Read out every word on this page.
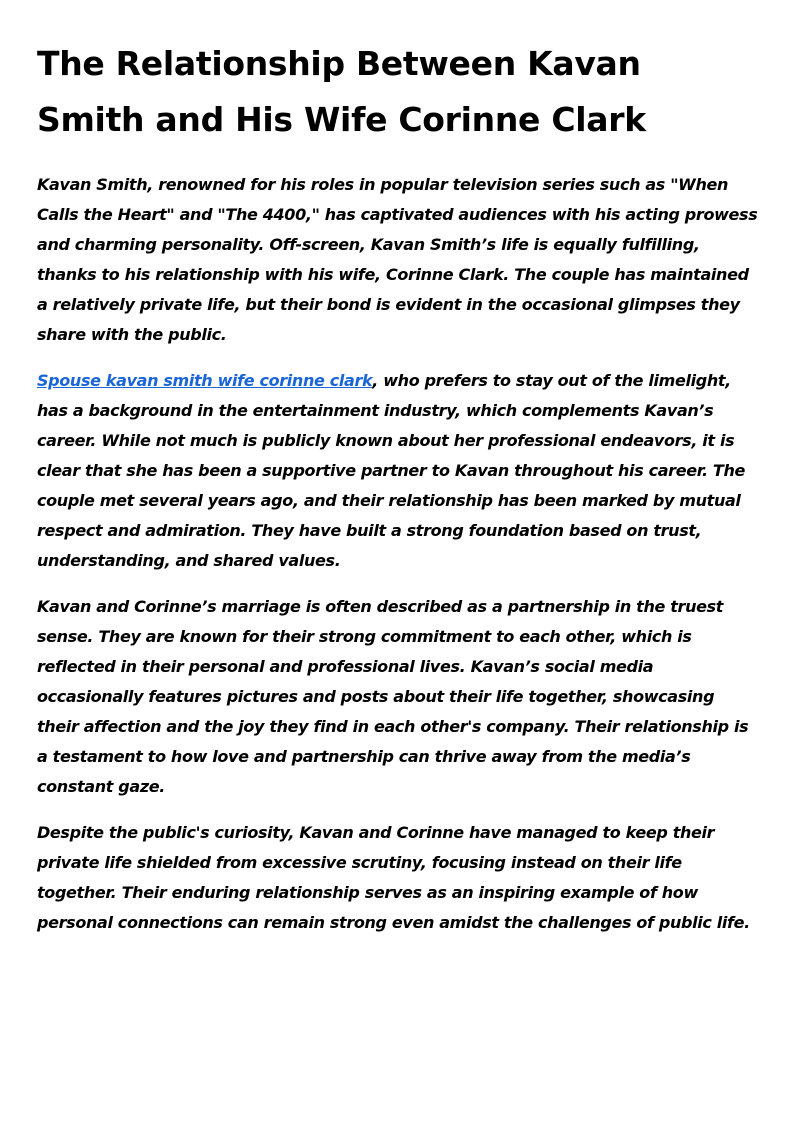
The Relationship Between Kavan Smith and His Wife Corinne Clark

Kavan Smith, renowned for his roles in popular television series such as "When Calls the Heart" and "The 4400," has captivated audiences with his acting prowess and charming personality. Off-screen, Kavan Smith’s life is equally fulfilling, thanks to his relationship with his wife, Corinne Clark. The couple has maintained a relatively private life, but their bond is evident in the occasional glimpses they share with the public.

Spouse kavan smith wife corinne clark, who prefers to stay out of the limelight, has a background in the entertainment industry, which complements Kavan’s career. While not much is publicly known about her professional endeavors, it is clear that she has been a supportive partner to Kavan throughout his career. The couple met several years ago, and their relationship has been marked by mutual respect and admiration. They have built a strong foundation based on trust, understanding, and shared values.

Kavan and Corinne’s marriage is often described as a partnership in the truest sense. They are known for their strong commitment to each other, which is reflected in their personal and professional lives. Kavan’s social media occasionally features pictures and posts about their life together, showcasing their affection and the joy they find in each other's company. Their relationship is a testament to how love and partnership can thrive away from the media’s constant gaze.

Despite the public's curiosity, Kavan and Corinne have managed to keep their private life shielded from excessive scrutiny, focusing instead on their life together. Their enduring relationship serves as an inspiring example of how personal connections can remain strong even amidst the challenges of public life.
